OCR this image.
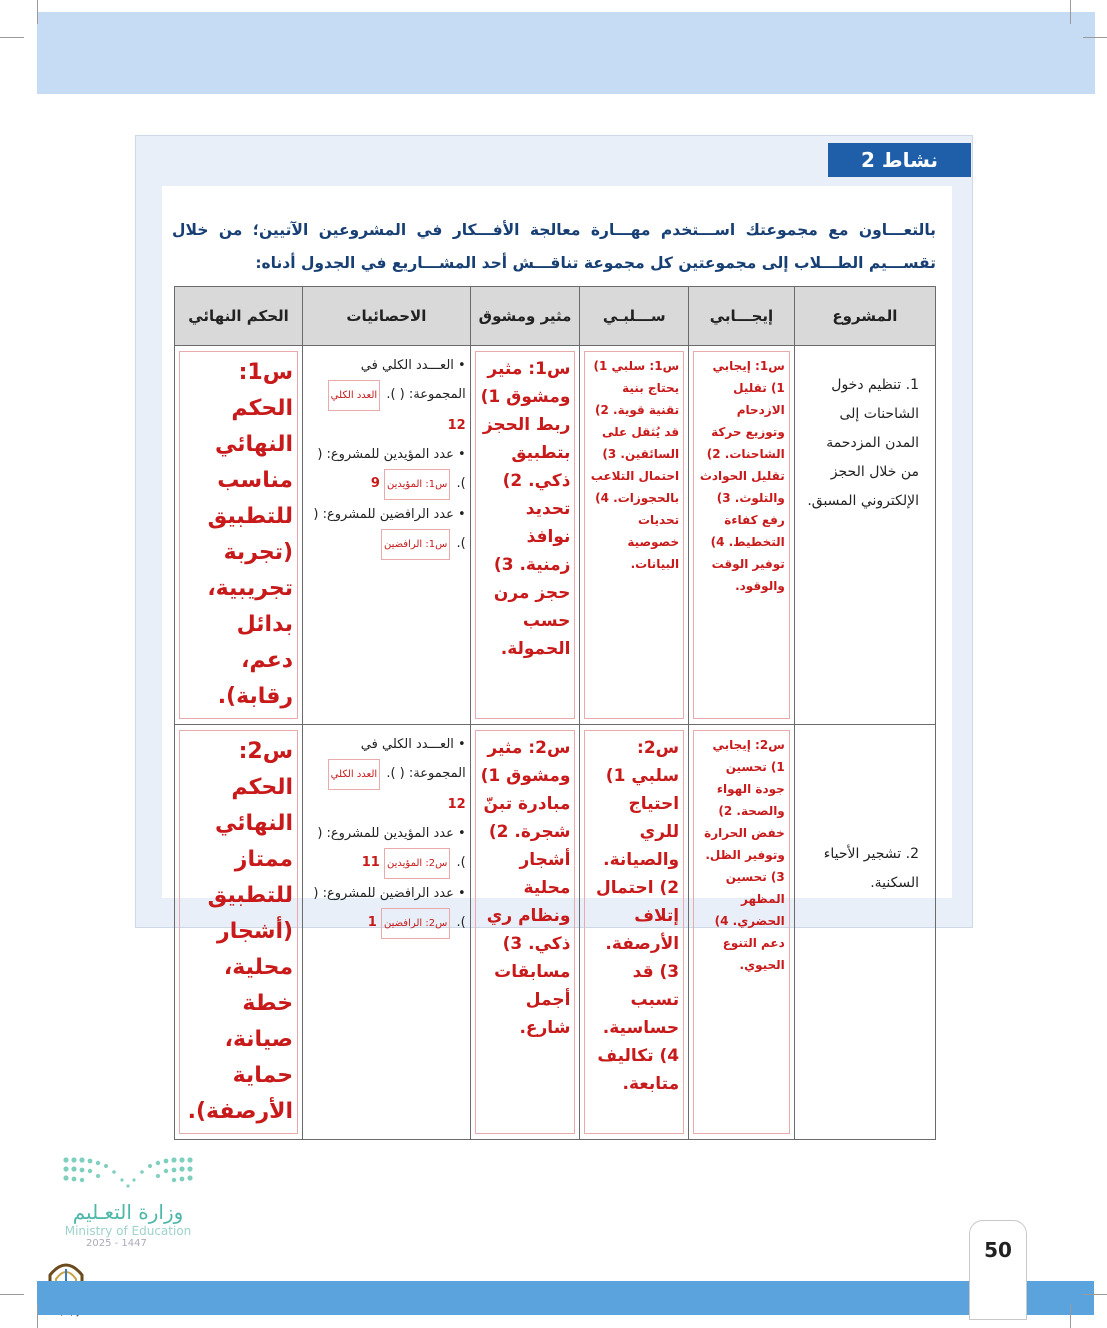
نشاط 2
بالتعـــاون مع مجموعتك اســـتخدم مهـــارة معالجة الأفـــكار في المشروعين الآتيين؛ من خلال تقســـيم الطـــلاب إلى مجموعتين كل مجموعة تناقـــش أحد المشـــاريع في الجدول أدناه:
المشروع	إيجـــابي	ســـلبـي	مثير ومشوق	الاحصائيات	الحكم النهائي

1. تنظيم دخول الشاحنات إلى المدن المزدحمة من خلال الحجز الإلكتروني المسبق.	س1: إيجابي 1) تقليل الازدحام وتوزيع حركة الشاحنات. 2) تقليل الحوادث والتلوث. 3) رفع كفاءة التخطيط. 4) توفير الوقت والوقود.	س1: سلبي 1) يحتاج بنية تقنية قوية. 2) قد يُثقل على السائقين. 3) احتمال التلاعب بالحجوزات. 4) تحديات خصوصية البيانات.	س1: مثير ومشوق 1) ربط الحجز بتطبيق ذكي. 2) تحديد نوافذ زمنية. 3) حجز مرن حسب الحمولة.	• العـــدد الكلي في المجموعة: ( ). العدد الكلي 12
• عدد المؤيدين للمشروع: ( ). س1: المؤيدين 9
• عدد الرافضين للمشروع: ( ). س1: الرافضين	س1: الحكم النهائي مناسب للتطبيق (تجربة تجريبية، بدائل دعم، رقابة).

2. تشجير الأحياء السكنية.	س2: إيجابي 1) تحسين جودة الهواء والصحة. 2) خفض الحرارة وتوفير الظل. 3) تحسين المظهر الحضري. 4) دعم التنوع الحيوي.	س2: سلبي 1) احتياج للري والصيانة. 2) احتمال إتلاف الأرصفة. 3) قد تسبب حساسية. 4) تكاليف متابعة.	س2: مثير ومشوق 1) مبادرة تبنّ شجرة. 2) أشجار محلية ونظام ري ذكي. 3) مسابقات أجمل شارع.	• العـــدد الكلي في المجموعة: ( ). العدد الكلي 12
• عدد المؤيدين للمشروع: ( ). س2: المؤيدين 11
• عدد الرافضين للمشروع: ( ). س2: الرافضين 1	س2: الحكم النهائي ممتاز للتطبيق (أشجار محلية، خطة صيانة، حماية الأرصفة).
وزارة التعـليم
Ministry of Education
2025 - 1447	50
